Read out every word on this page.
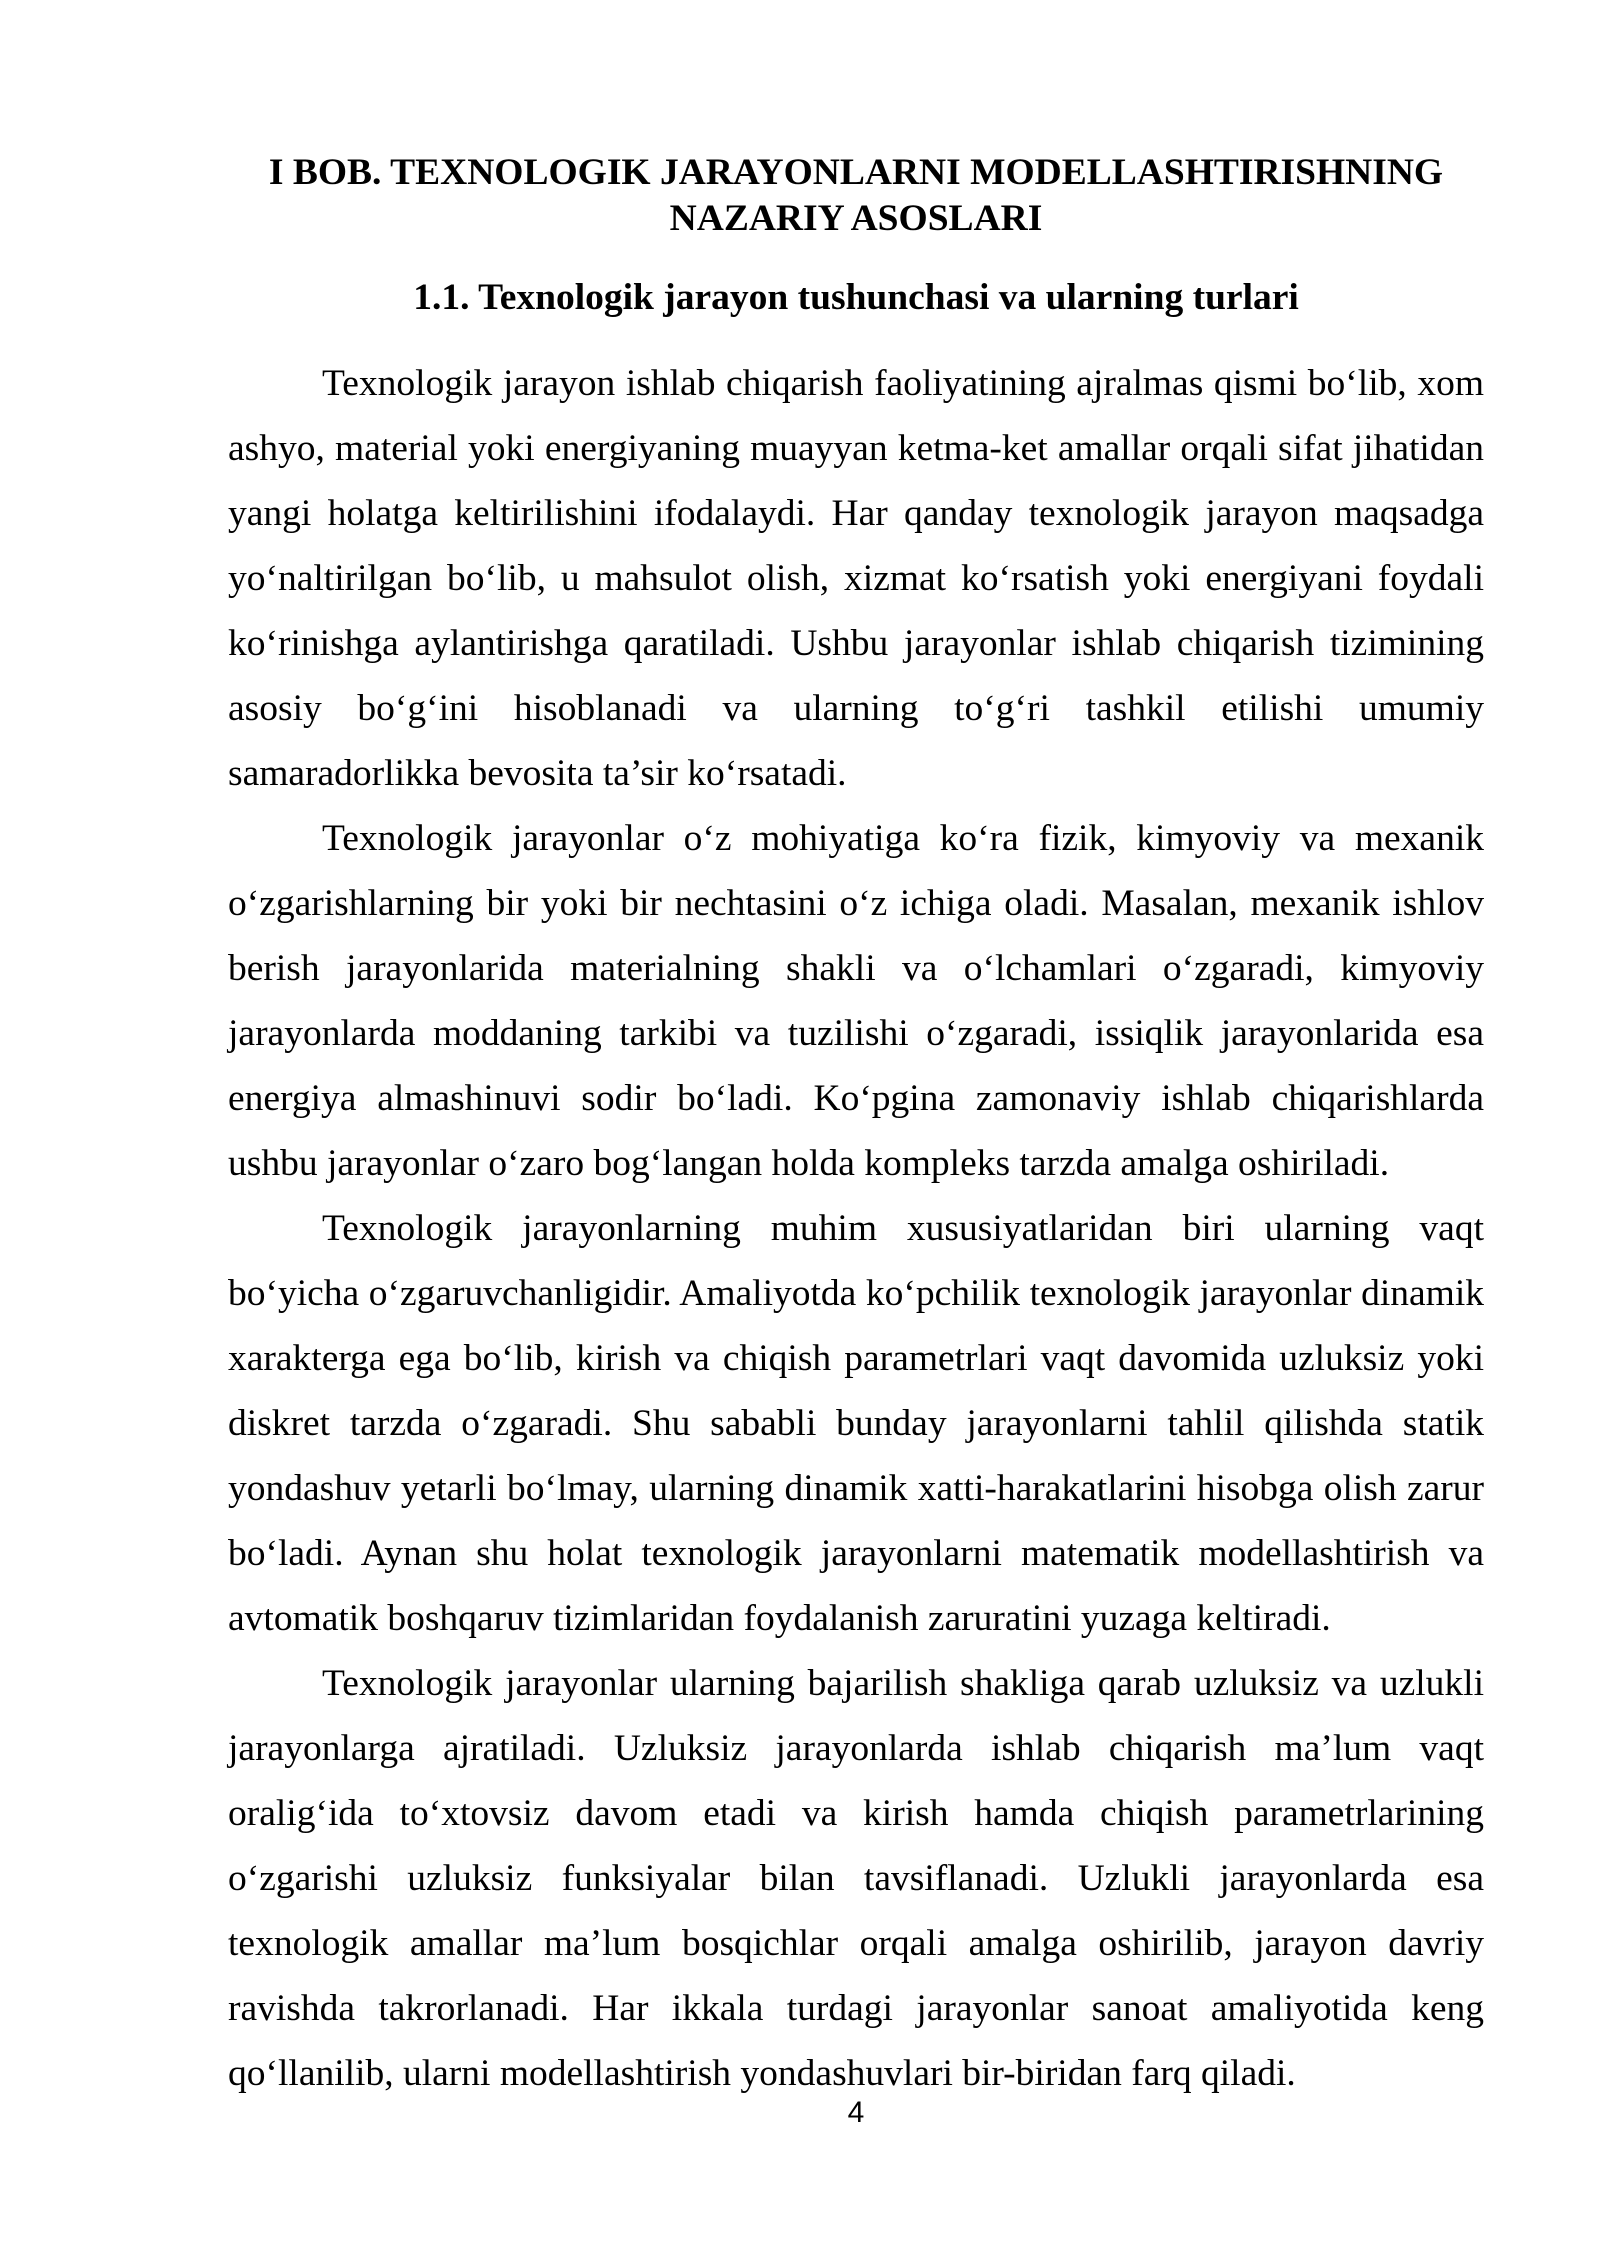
I BOB. TEXNOLOGIK JARAYONLARNI MODELLASHTIRISHNING
NAZARIY ASOSLARI
1.1. Texnologik jarayon tushunchasi va ularning turlari
Texnologik jarayon ishlab chiqarish faoliyatining ajralmas qismi bo‘lib, xom
ashyo, material yoki energiyaning muayyan ketma-ket amallar orqali sifat jihatidan
yangi holatga keltirilishini ifodalaydi. Har qanday texnologik jarayon maqsadga
yo‘naltirilgan bo‘lib, u mahsulot olish, xizmat ko‘rsatish yoki energiyani foydali
ko‘rinishga aylantirishga qaratiladi. Ushbu jarayonlar ishlab chiqarish tizimining
asosiy bo‘g‘ini hisoblanadi va ularning to‘g‘ri tashkil etilishi umumiy
samaradorlikka bevosita ta’sir ko‘rsatadi.
Texnologik jarayonlar o‘z mohiyatiga ko‘ra fizik, kimyoviy va mexanik
o‘zgarishlarning bir yoki bir nechtasini o‘z ichiga oladi. Masalan, mexanik ishlov
berish jarayonlarida materialning shakli va o‘lchamlari o‘zgaradi, kimyoviy
jarayonlarda moddaning tarkibi va tuzilishi o‘zgaradi, issiqlik jarayonlarida esa
energiya almashinuvi sodir bo‘ladi. Ko‘pgina zamonaviy ishlab chiqarishlarda
ushbu jarayonlar o‘zaro bog‘langan holda kompleks tarzda amalga oshiriladi.
Texnologik jarayonlarning muhim xususiyatlaridan biri ularning vaqt
bo‘yicha o‘zgaruvchanligidir. Amaliyotda ko‘pchilik texnologik jarayonlar dinamik
xarakterga ega bo‘lib, kirish va chiqish parametrlari vaqt davomida uzluksiz yoki
diskret tarzda o‘zgaradi. Shu sababli bunday jarayonlarni tahlil qilishda statik
yondashuv yetarli bo‘lmay, ularning dinamik xatti-harakatlarini hisobga olish zarur
bo‘ladi. Aynan shu holat texnologik jarayonlarni matematik modellashtirish va
avtomatik boshqaruv tizimlaridan foydalanish zaruratini yuzaga keltiradi.
Texnologik jarayonlar ularning bajarilish shakliga qarab uzluksiz va uzlukli
jarayonlarga ajratiladi. Uzluksiz jarayonlarda ishlab chiqarish ma’lum vaqt
oralig‘ida to‘xtovsiz davom etadi va kirish hamda chiqish parametrlarining
o‘zgarishi uzluksiz funksiyalar bilan tavsiflanadi. Uzlukli jarayonlarda esa
texnologik amallar ma’lum bosqichlar orqali amalga oshirilib, jarayon davriy
ravishda takrorlanadi. Har ikkala turdagi jarayonlar sanoat amaliyotida keng
qo‘llanilib, ularni modellashtirish yondashuvlari bir-biridan farq qiladi.
4
